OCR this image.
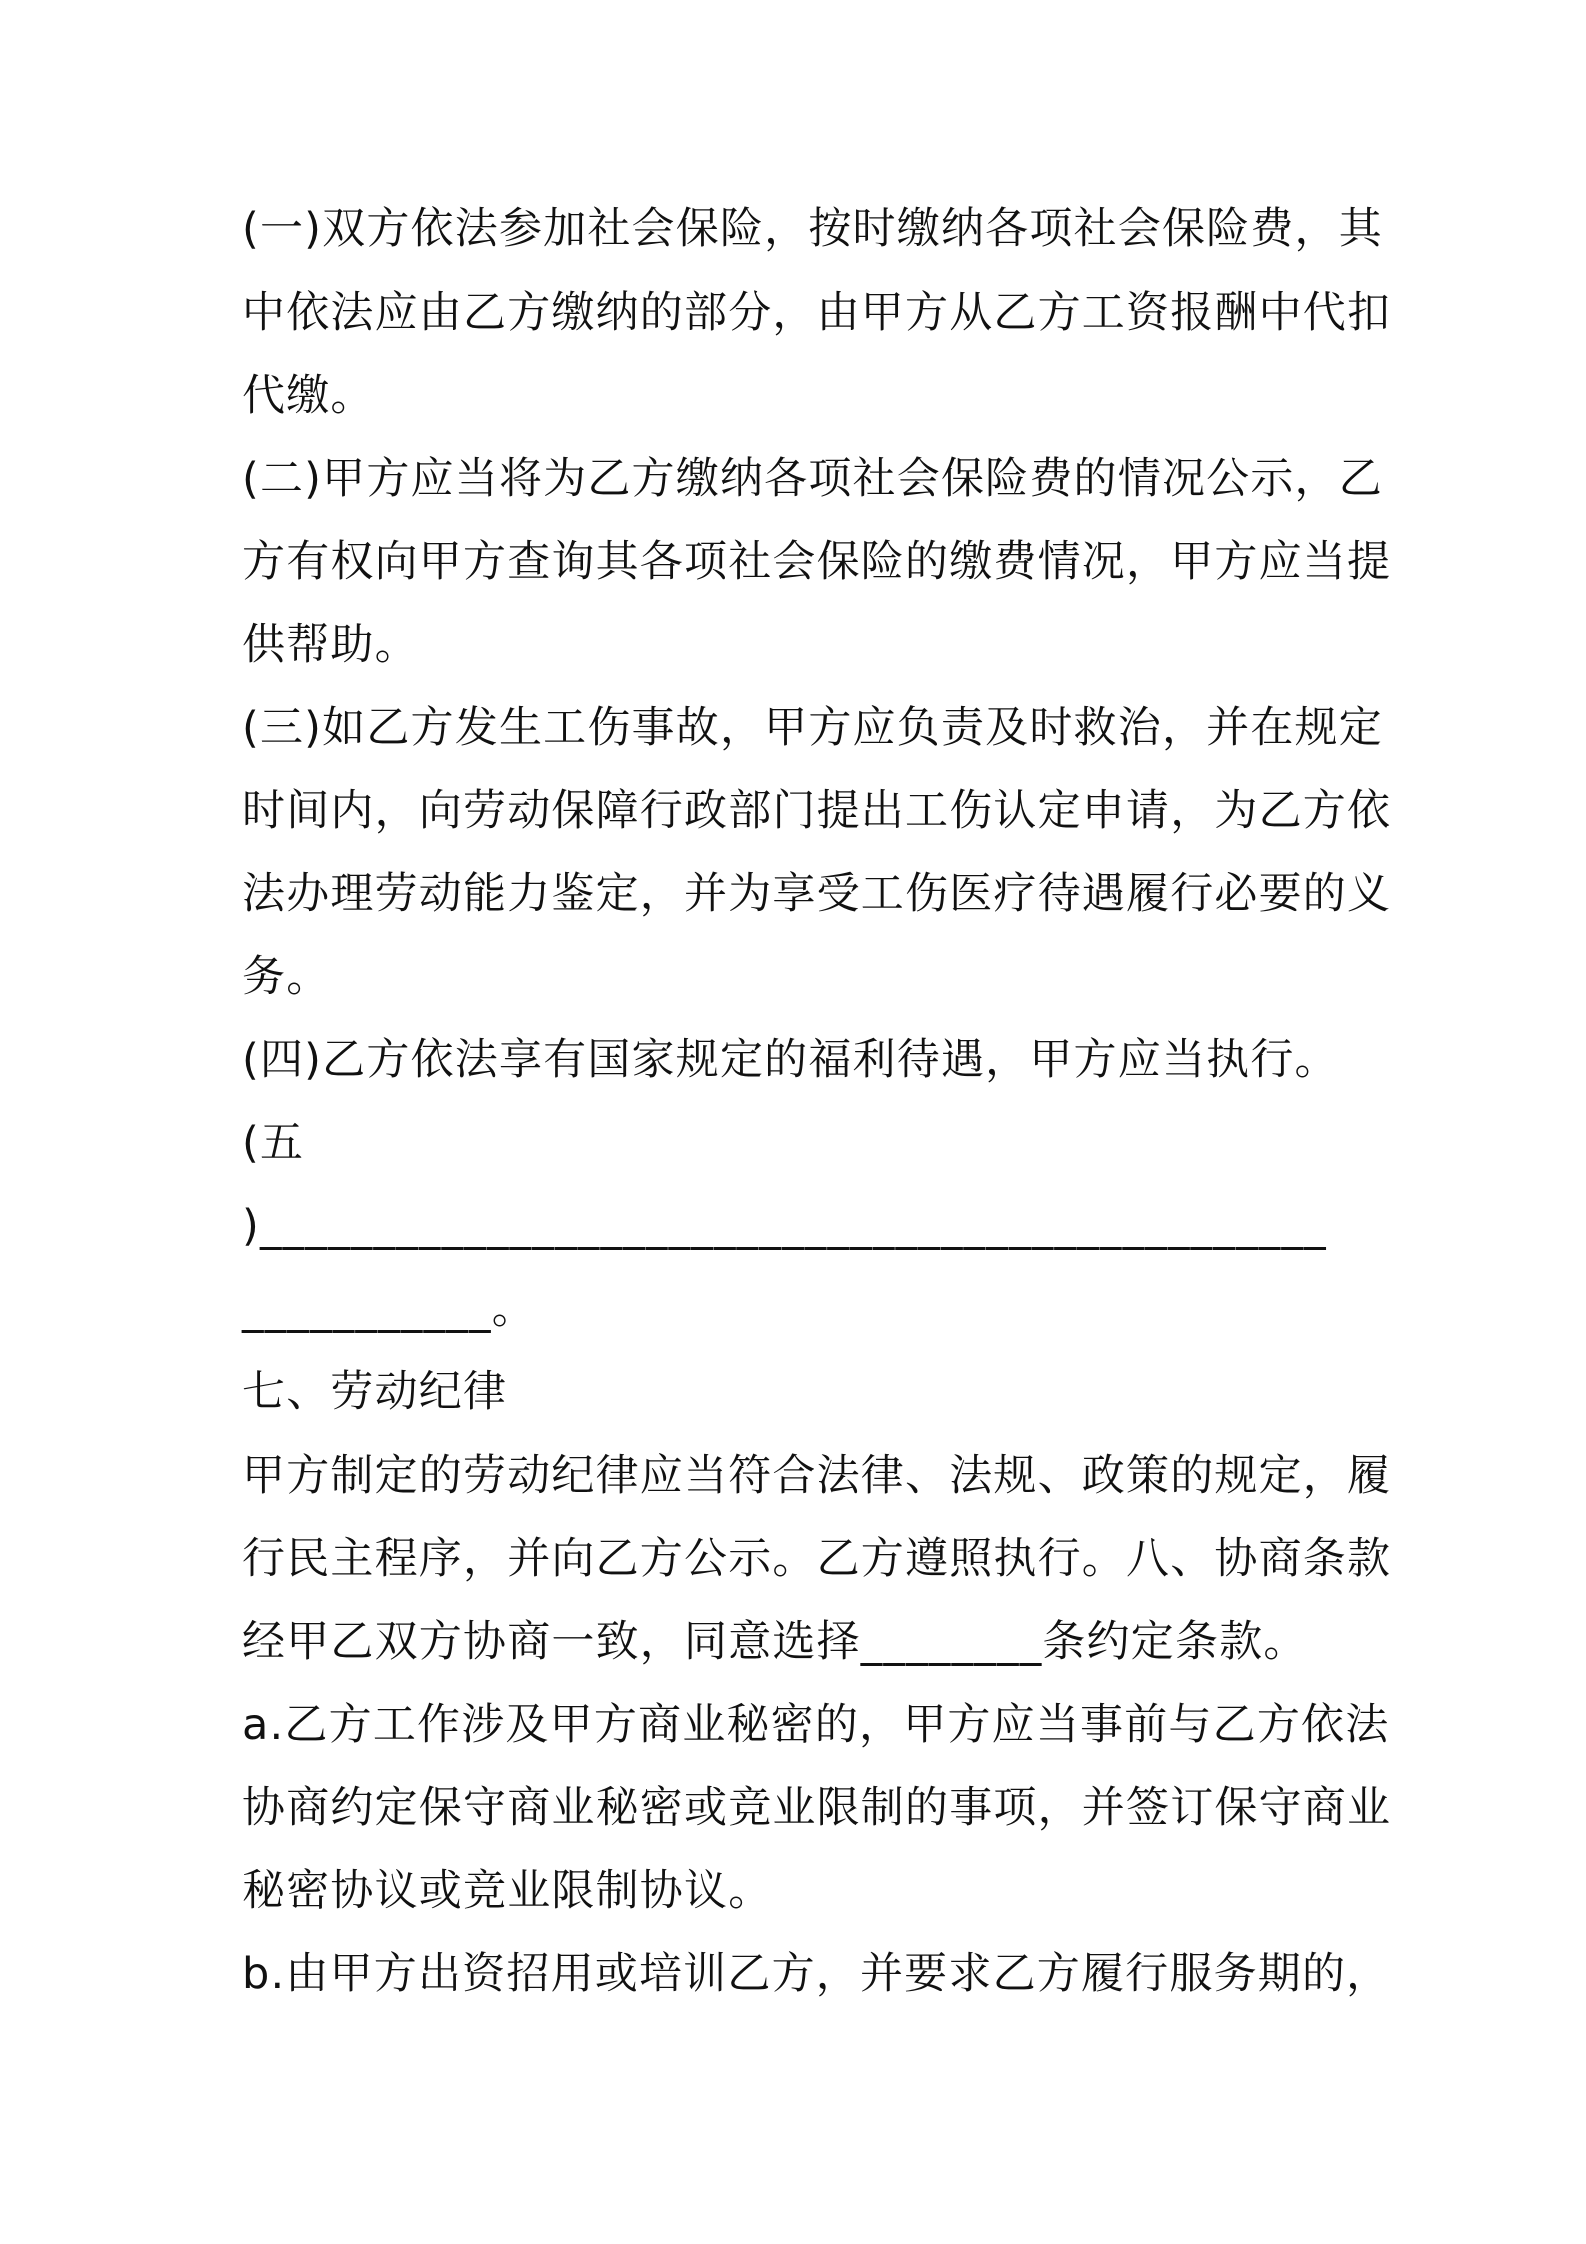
(一)双方依法参加社会保险，按时缴纳各项社会保险费，其
中依法应由乙方缴纳的部分，由甲方从乙方工资报酬中代扣
代缴。
(二)甲方应当将为乙方缴纳各项社会保险费的情况公示，乙
方有权向甲方查询其各项社会保险的缴费情况，甲方应当提
供帮助。
(三)如乙方发生工伤事故，甲方应负责及时救治，并在规定
时间内，向劳动保障行政部门提出工伤认定申请，为乙方依
法办理劳动能力鉴定，并为享受工伤医疗待遇履行必要的义
务。
(四)乙方依法享有国家规定的福利待遇，甲方应当执行。
(五
)_______________________________________________
___________。
七、劳动纪律
甲方制定的劳动纪律应当符合法律、法规、政策的规定，履
行民主程序，并向乙方公示。乙方遵照执行。八、协商条款
经甲乙双方协商一致，同意选择________条约定条款。
a.乙方工作涉及甲方商业秘密的，甲方应当事前与乙方依法
协商约定保守商业秘密或竞业限制的事项，并签订保守商业
秘密协议或竞业限制协议。
b.由甲方出资招用或培训乙方，并要求乙方履行服务期的，
